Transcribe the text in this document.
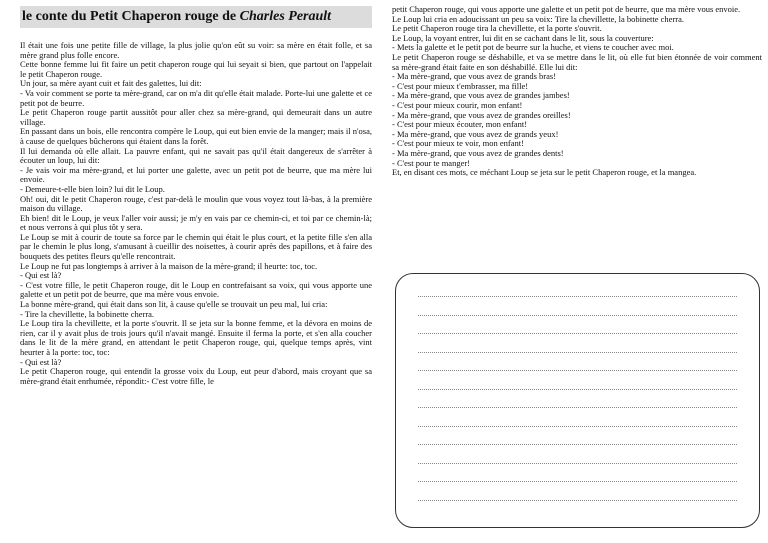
le conte du Petit Chaperon rouge de Charles Perault

Il était une fois une petite fille de village, la plus jolie qu'on eût su voir: sa mère en était folle, et sa mère grand plus folle encore.

Cette bonne femme lui fit faire un petit chaperon rouge qui lui seyait si bien, que partout on l'appelait le petit Chaperon rouge.

Un jour, sa mère ayant cuit et fait des galettes, lui dit:

- Va voir comment se porte ta mère-grand, car on m'a dit qu'elle était malade. Porte-lui une galette et ce petit pot de beurre.

Le petit Chaperon rouge partit aussitôt pour aller chez sa mère-grand, qui demeurait dans un autre village.

En passant dans un bois, elle rencontra compère le Loup, qui eut bien envie de la manger; mais il n'osa, à cause de quelques bûcherons qui étaient dans la forêt.

Il lui demanda où elle allait. La pauvre enfant, qui ne savait pas qu'il était dangereux de s'arrêter à écouter un loup, lui dit:

- Je vais voir ma mère-grand, et lui porter une galette, avec un petit pot de beurre, que ma mère lui envoie.

- Demeure-t-elle bien loin? lui dit le Loup.

Oh! oui, dit le petit Chaperon rouge, c'est par-delà le moulin que vous voyez tout là-bas, à la première maison du village.

Eh bien! dit le Loup, je veux l'aller voir aussi; je m'y en vais par ce chemin-ci, et toi par ce chemin-là; et nous verrons à qui plus tôt y sera.

Le Loup se mit à courir de toute sa force par le chemin qui était le plus court, et la petite fille s'en alla par le chemin le plus long, s'amusant à cueillir des noisettes, à courir après des papillons, et à faire des bouquets des petites fleurs qu'elle rencontrait.

Le Loup ne fut pas longtemps à arriver à la maison de la mère-grand; il heurte: toc, toc.

- Qui est là?

- C'est votre fille, le petit Chaperon rouge, dit le Loup en contrefaisant sa voix, qui vous apporte une galette et un petit pot de beurre, que ma mère vous envoie.

La bonne mère-grand, qui était dans son lit, à cause qu'elle se trouvait un peu mal, lui cria:

- Tire la chevillette, la bobinette cherra.

Le Loup tira la chevillette, et la porte s'ouvrit. Il se jeta sur la bonne femme, et la dévora en moins de rien, car il y avait plus de trois jours qu'il n'avait mangé. Ensuite il ferma la porte, et s'en alla coucher dans le lit de la mère grand, en attendant le petit Chaperon rouge, qui, quelque temps après, vint heurter à la porte: toc, toc:

- Qui est là?

Le petit Chaperon rouge, qui entendit la grosse voix du Loup, eut peur d'abord, mais croyant que sa mère-grand était enrhumée, répondit:- C'est votre fille, le

petit Chaperon rouge, qui vous apporte une galette et un petit pot de beurre, que ma mère vous envoie.

Le Loup lui cria en adoucissant un peu sa voix: Tire la chevillette, la bobinette cherra.

Le petit Chaperon rouge tira la chevillette, et la porte s'ouvrit.

Le Loup, la voyant entrer, lui dit en se cachant dans le lit, sous la couverture:

- Mets la galette et le petit pot de beurre sur la huche, et viens te coucher avec moi.

Le petit Chaperon rouge se déshabille, et va se mettre dans le lit, où elle fut bien étonnée de voir comment sa mère-grand était faite en son déshabillé. Elle lui dit:

- Ma mère-grand, que vous avez de grands bras!

- C'est pour mieux t'embrasser, ma fille!

- Ma mère-grand, que vous avez de grandes jambes!

- C'est pour mieux courir, mon enfant!

- Ma mère-grand, que vous avez de grandes oreilles!

- C'est pour mieux écouter, mon enfant!

- Ma mère-grand, que vous avez de grands yeux!

- C'est pour mieux te voir, mon enfant!

- Ma mère-grand, que vous avez de grandes dents!

- C'est pour te manger!

Et, en disant ces mots, ce méchant Loup se jeta sur le petit Chaperon rouge, et la mangea.
